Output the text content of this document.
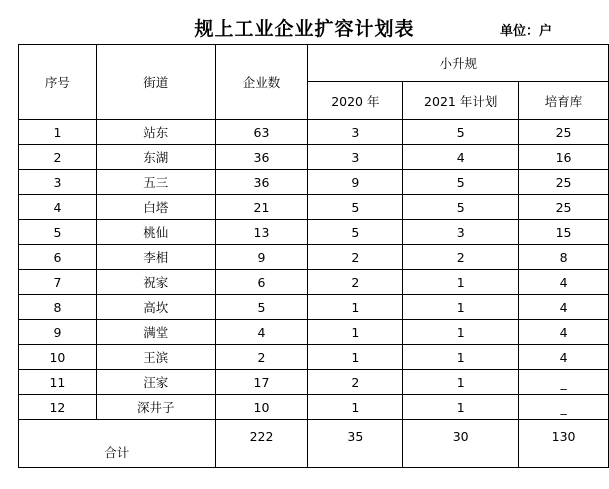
规上工业企业扩容计划表	单位：户
序号	街道	企业数	小升规		
			2020 年	2021 年计划	培育库
1	站东	63	3	5	25
2	东湖	36	3	4	16
3	五三	36	9	5	25
4	白塔	21	5	5	25
5	桃仙	13	5	3	15
6	李相	9	2	2	8
7	祝家	6	2	1	4
8	高坎	5	1	1	4
9	满堂	4	1	1	4
10	王滨	2	1	1	4
11	汪家	17	2	1	_
12	深井子	10	1	1	_
合计		222	35	30	130
